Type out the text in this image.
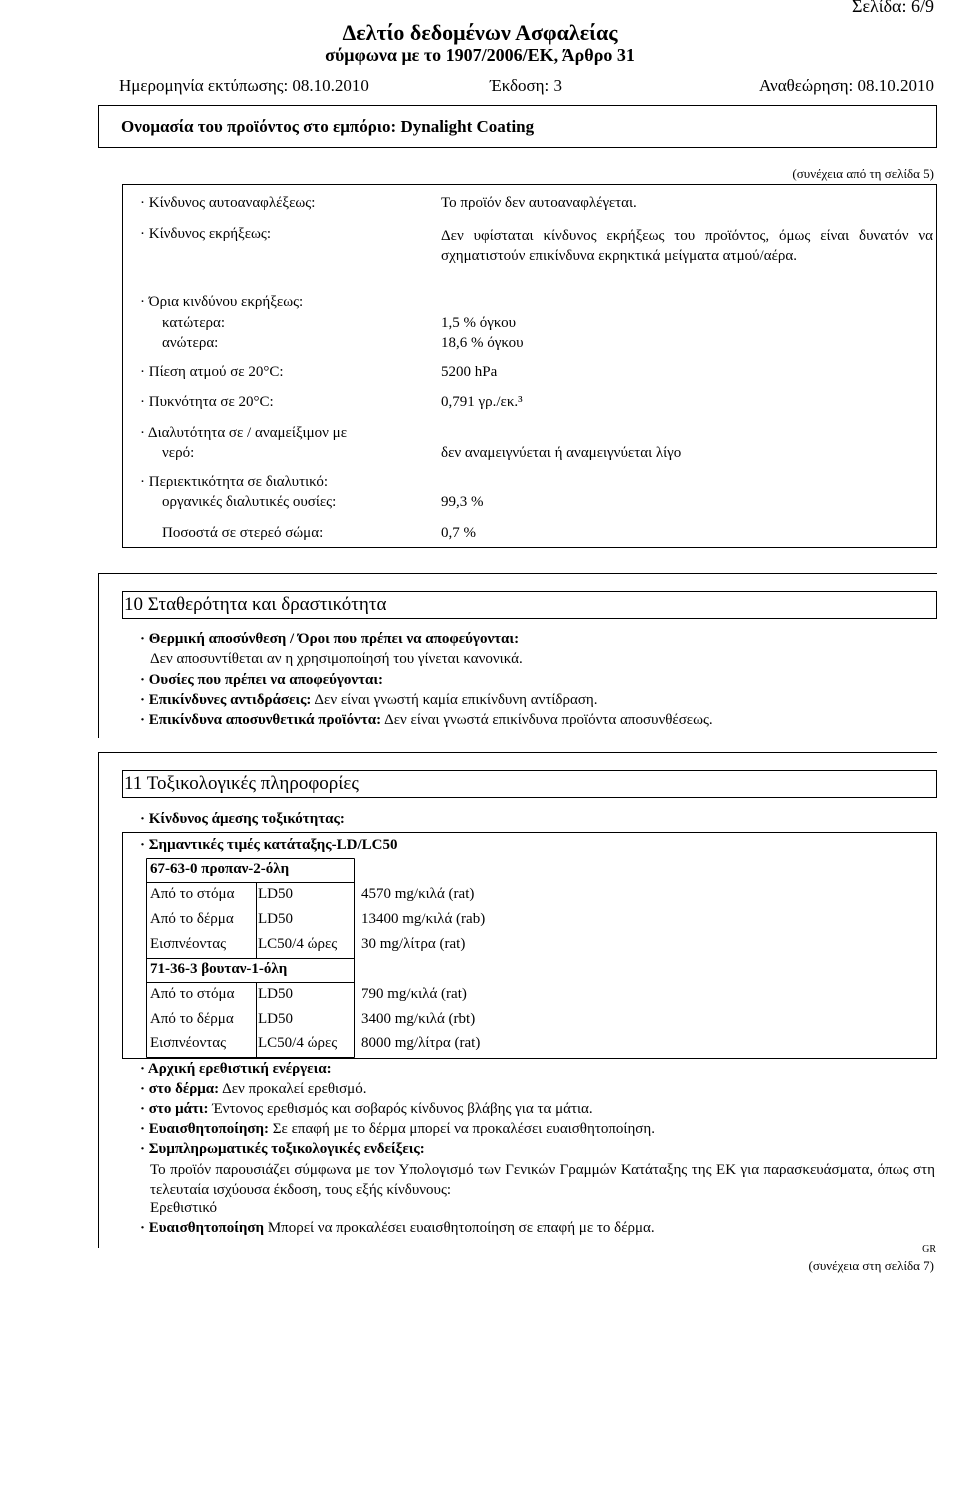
Σελίδα: 6/9
Δελτίο δεδομένων Ασφαλείας
σύμφωνα με το 1907/2006/ΕΚ, Άρθρο 31
Ημερομηνία εκτύπωσης: 08.10.2010	Έκδοση: 3	Αναθεώρηση: 08.10.2010
Ονομασία του προϊόντος στο εμπόριο: Dynalight Coating
(συνέχεια από τη σελίδα 5)
· Κίνδυνος αυτοαναφλέξεως:	Το προϊόν δεν αυτοαναφλέγεται.
· Κίνδυνος εκρήξεως:	Δεν υφίσταται κίνδυνος εκρήξεως του προϊόντος, όμως είναι δυνατόν να σχηματιστούν επικίνδυνα εκρηκτικά μείγματα ατμού/αέρα.
· Όρια κινδύνου εκρήξεως:
κατώτερα:	1,5 % όγκου
ανώτερα:	18,6 % όγκου
· Πίεση ατμού σε 20°C:	5200 hPa
· Πυκνότητα σε 20°C:	0,791 γρ./εκ.³
· Διαλυτότητα σε / αναμείξιμον με
νερό:	δεν αναμειγνύεται ή αναμειγνύεται λίγο
· Περιεκτικότητα σε διαλυτικό:
οργανικές διαλυτικές ουσίες:	99,3 %
Ποσοστά σε στερεό σώμα:	0,7 %
10 Σταθερότητα και δραστικότητα
· Θερμική αποσύνθεση / Όροι που πρέπει να αποφεύγονται:
Δεν αποσυντίθεται αν η χρησιμοποίησή του γίνεται κανονικά.
· Ουσίες που πρέπει να αποφεύγονται:
· Επικίνδυνες αντιδράσεις: Δεν είναι γνωστή καμία επικίνδυνη αντίδραση.
· Επικίνδυνα αποσυνθετικά προϊόντα: Δεν είναι γνωστά επικίνδυνα προϊόντα αποσυνθέσεως.
11 Τοξικολογικές πληροφορίες
· Κίνδυνος άμεσης τοξικότητας:
· Σημαντικές τιμές κατάταξης-LD/LC50
67-63-0 προπαν-2-όλη
Από το στόμα LD50	4570 mg/κιλά (rat)
Από το δέρμα LD50	13400 mg/κιλά (rab)
Εισπνέοντας LC50/4 ώρες 30 mg/λίτρα (rat)
71-36-3 βουταν-1-όλη
Από το στόμα LD50	790 mg/κιλά (rat)
Από το δέρμα LD50	3400 mg/κιλά (rbt)
Εισπνέοντας LC50/4 ώρες 8000 mg/λίτρα (rat)
· Αρχική ερεθιστική ενέργεια:
· στο δέρμα: Δεν προκαλεί ερεθισμό.
· στο μάτι: Έντονος ερεθισμός και σοβαρός κίνδυνος βλάβης για τα μάτια.
· Ευαισθητοποίηση: Σε επαφή με το δέρμα μπορεί να προκαλέσει ευαισθητοποίηση.
· Συμπληρωματικές τοξικολογικές ενδείξεις:
Το προϊόν παρουσιάζει σύμφωνα με τον Υπολογισμό των Γενικών Γραμμών Κατάταξης της ΕΚ για παρασκευάσματα, όπως στη τελευταία ισχύουσα έκδοση, τους εξής κίνδυνους:
Ερεθιστικό
· Ευαισθητοποίηση Μπορεί να προκαλέσει ευαισθητοποίηση σε επαφή με το δέρμα.
GR
(συνέχεια στη σελίδα 7)
